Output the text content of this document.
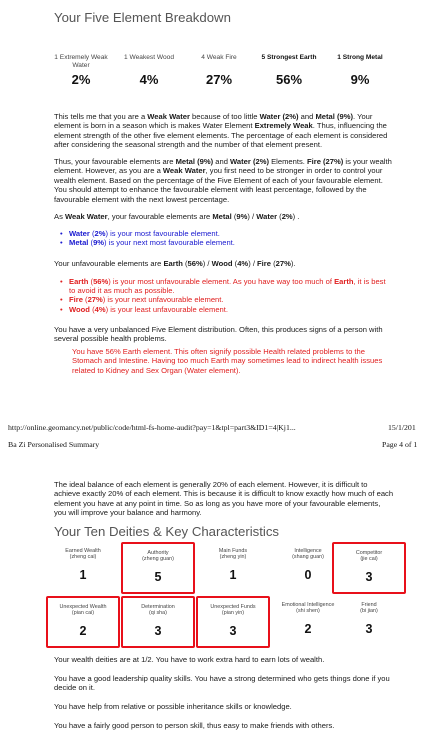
Your Five Element Breakdown
1 Extremely Weak Water
2%
1 Weakest Wood
4%
4 Weak Fire
27%
5 Strongest Earth
56%
1 Strong Metal
9%

This tells me that you are a Weak Water because of too little Water (2%) and Metal (9%). Your element is born in a season which is makes Water Element Extremely Weak. Thus, influencing the element strength of the other five element elements. The percentage of each element is considered after considering the seasonal strength and the number of that element present.

Thus, your favourable elements are Metal (9%) and Water (2%) Elements. Fire (27%) is your wealth element. However, as you are a Weak Water, you first need to be stronger in order to control your wealth element. Based on the percentage of the Five Element of each of your favourable element. You should attempt to enhance the favourable element with least percentage, followed by the favourable element with the next lowest percentage.

As Weak Water, your favourable elements are Metal (9%) / Water (2%) .

• Water (2%) is your most favourable element.
• Metal (9%) is your next most favourable element.

Your unfavourable elements are Earth (56%) / Wood (4%) / Fire (27%).

• Earth (56%) is your most unfavourable element. As you have way too much of Earth, it is best to avoid it as much as possible.
• Fire (27%) is your next unfavourable element.
• Wood (4%) is your least unfavourable element.

You have a very unbalanced Five Element distribution. Often, this produces signs of a person with several possible health problems.

You have 56% Earth element. This often signify possible Health related problems to the Stomach and Intestine. Having too much Earth may sometimes lead to indirect health issues related to Kidney and Sex Organ (Water element).

http://online.geomancy.net/public/code/html-fs-home-audit?pay=1&tpl=part3&ID1=4|Kj1...	15/1/201
Ba Zi Personalised Summary	Page 4 of 1

The ideal balance of each element is generally 20% of each element. However, it is difficult to achieve exactly 20% of each element. This is because it is difficult to know exactly how much of each element you have at any point in time. So as long as you have more of your favourable elements, you will improve your balance and harmony.

Your Ten Deities & Key Characteristics
Earned Wealth
(zheng cai)
1
Authority
(zheng guan)
5
Main Funds
(zheng yin)
1
Intelligence
(shang guan)
0
Competitor
(jie cai)
3
Unexpected Wealth
(pian cai)
2
Determination
(qi sha)
3
Unexpected Funds
(pian yin)
3
Emotional Intelligence
(shi shen)
2
Friend
(bi jian)
3

Your wealth deities are at 1/2. You have to work extra hard to earn lots of wealth.

You have a good leadership quality skills. You have a strong determined who gets things done if you decide on it.

You have help from relative or possible inheritance skills or knowledge.

You have a fairly good person to person skill, thus easy to make friends with others.
